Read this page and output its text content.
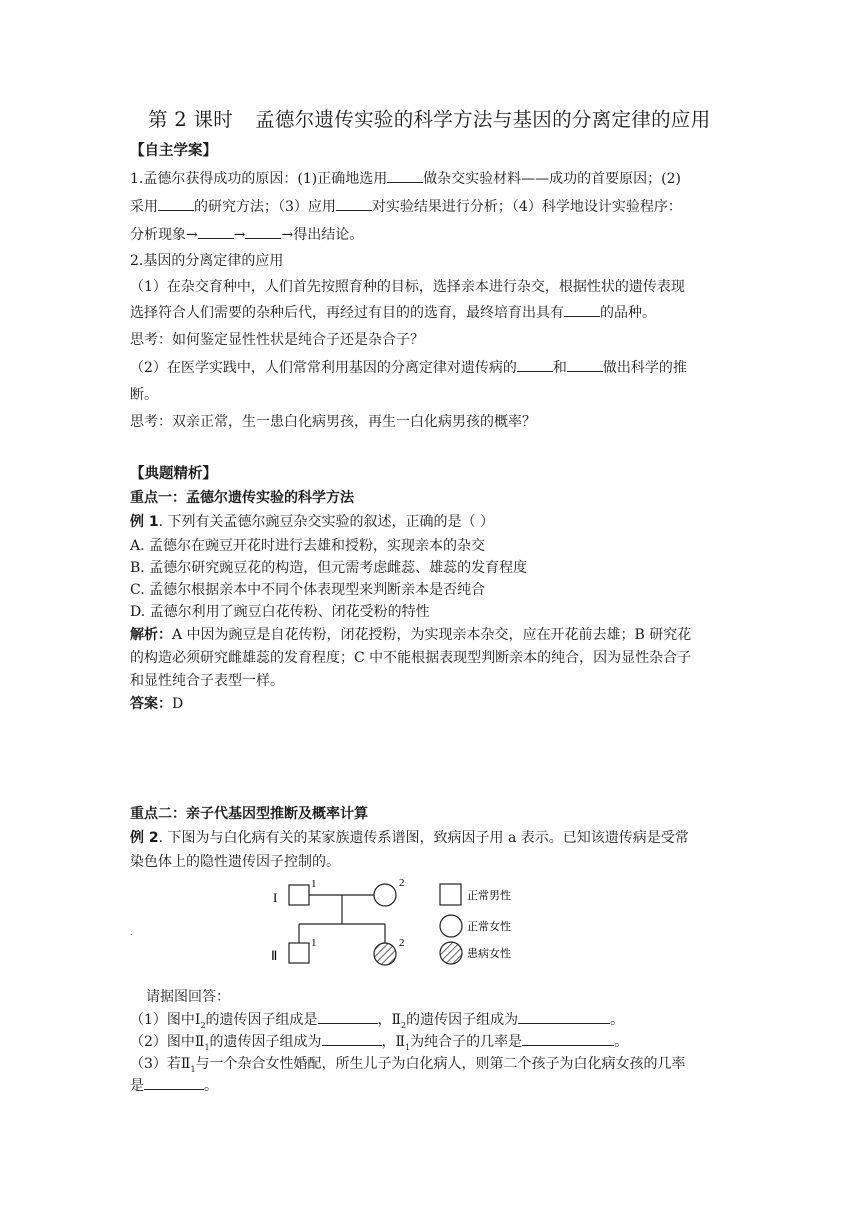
第 2 课时 孟德尔遗传实验的科学方法与基因的分离定律的应用
【自主学案】
1.孟德尔获得成功的原因：(1)正确地选用	做杂交实验材料——成功的首要原因；(2)
采用	的研究方法；（3）应用	对实验结果进行分析；（4）科学地设计实验程序：
分析现象→	→	→得出结论。
2.基因的分离定律的应用
（1）在杂交育种中，人们首先按照育种的目标，选择亲本进行杂交，根据性状的遗传表现
选择符合人们需要的杂种后代，再经过有目的的选育，最终培育出具有	的品种。
思考：如何鉴定显性性状是纯合子还是杂合子？
（2）在医学实践中，人们常常利用基因的分离定律对遗传病的	和	做出科学的推
断。
思考：双亲正常，生一患白化病男孩，再生一白化病男孩的概率？
【典题精析】
重点一：孟德尔遗传实验的科学方法
例 1. 下列有关孟德尔豌豆杂交实验的叙述，正确的是（ ）
A. 孟德尔在豌豆开花时进行去雄和授粉，实现亲本的杂交
B. 孟德尔研究豌豆花的构造，但元需考虑雌蕊、雄蕊的发育程度
C. 孟德尔根据亲本中不同个体表现型来判断亲本是否纯合
D. 孟德尔利用了豌豆白花传粉、闭花受粉的特性
解析：A 中因为豌豆是自花传粉，闭花授粉，为实现亲本杂交，应在开花前去雄；B 研究花
的构造必须研究雌雄蕊的发育程度；C 中不能根据表现型判断亲本的纯合，因为显性杂合子
和显性纯合子表型一样。
答案：D
重点二：亲子代基因型推断及概率计算
例 2. 下图为与白化病有关的某家族遗传系谱图，致病因子用 a 表示。已知该遗传病是受常
染色体上的隐性遗传因子控制的。
.
I
Ⅱ
1	2
1	2
正常男性
正常女性
患病女性
请据图回答：
（1）图中$Ⅰ_2$的遗传因子组成是	，$Ⅱ_2$的遗传因子组成为	。
（2）图中$Ⅱ_1$的遗传因子组成为	，$Ⅱ_1$为纯合子的几率是	。
（3）若$Ⅱ_1$与一个杂合女性婚配，所生儿子为白化病人，则第二个孩子为白化病女孩的几率
是	。
